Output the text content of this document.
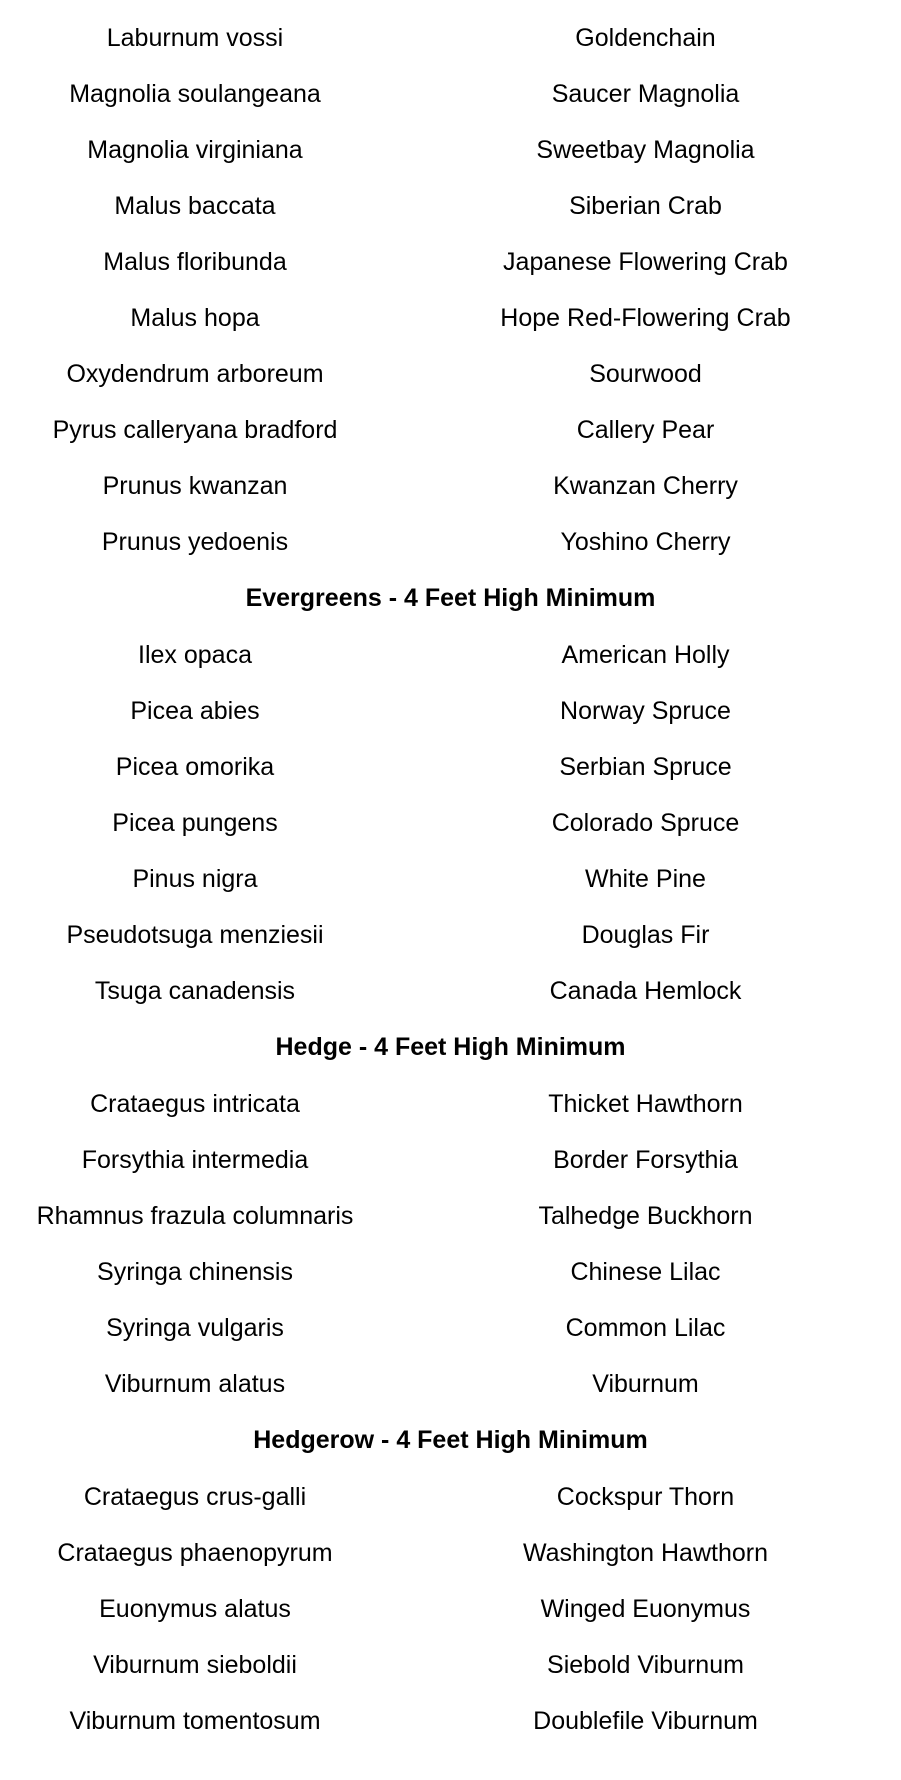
Laburnum vossi	Goldenchain
Magnolia soulangeana	Saucer Magnolia
Magnolia virginiana	Sweetbay Magnolia
Malus baccata	Siberian Crab
Malus floribunda	Japanese Flowering Crab
Malus hopa	Hope Red-Flowering Crab
Oxydendrum arboreum	Sourwood
Pyrus calleryana bradford	Callery Pear
Prunus kwanzan	Kwanzan Cherry
Prunus yedoenis	Yoshino Cherry
Evergreens - 4 Feet High Minimum
Ilex opaca	American Holly
Picea abies	Norway Spruce
Picea omorika	Serbian Spruce
Picea pungens	Colorado Spruce
Pinus nigra	White Pine
Pseudotsuga menziesii	Douglas Fir
Tsuga canadensis	Canada Hemlock
Hedge - 4 Feet High Minimum
Crataegus intricata	Thicket Hawthorn
Forsythia intermedia	Border Forsythia
Rhamnus frazula columnaris	Talhedge Buckhorn
Syringa chinensis	Chinese Lilac
Syringa vulgaris	Common Lilac
Viburnum alatus	Viburnum
Hedgerow - 4 Feet High Minimum
Crataegus crus-galli	Cockspur Thorn
Crataegus phaenopyrum	Washington Hawthorn
Euonymus alatus	Winged Euonymus
Viburnum sieboldii	Siebold Viburnum
Viburnum tomentosum	Doublefile Viburnum
